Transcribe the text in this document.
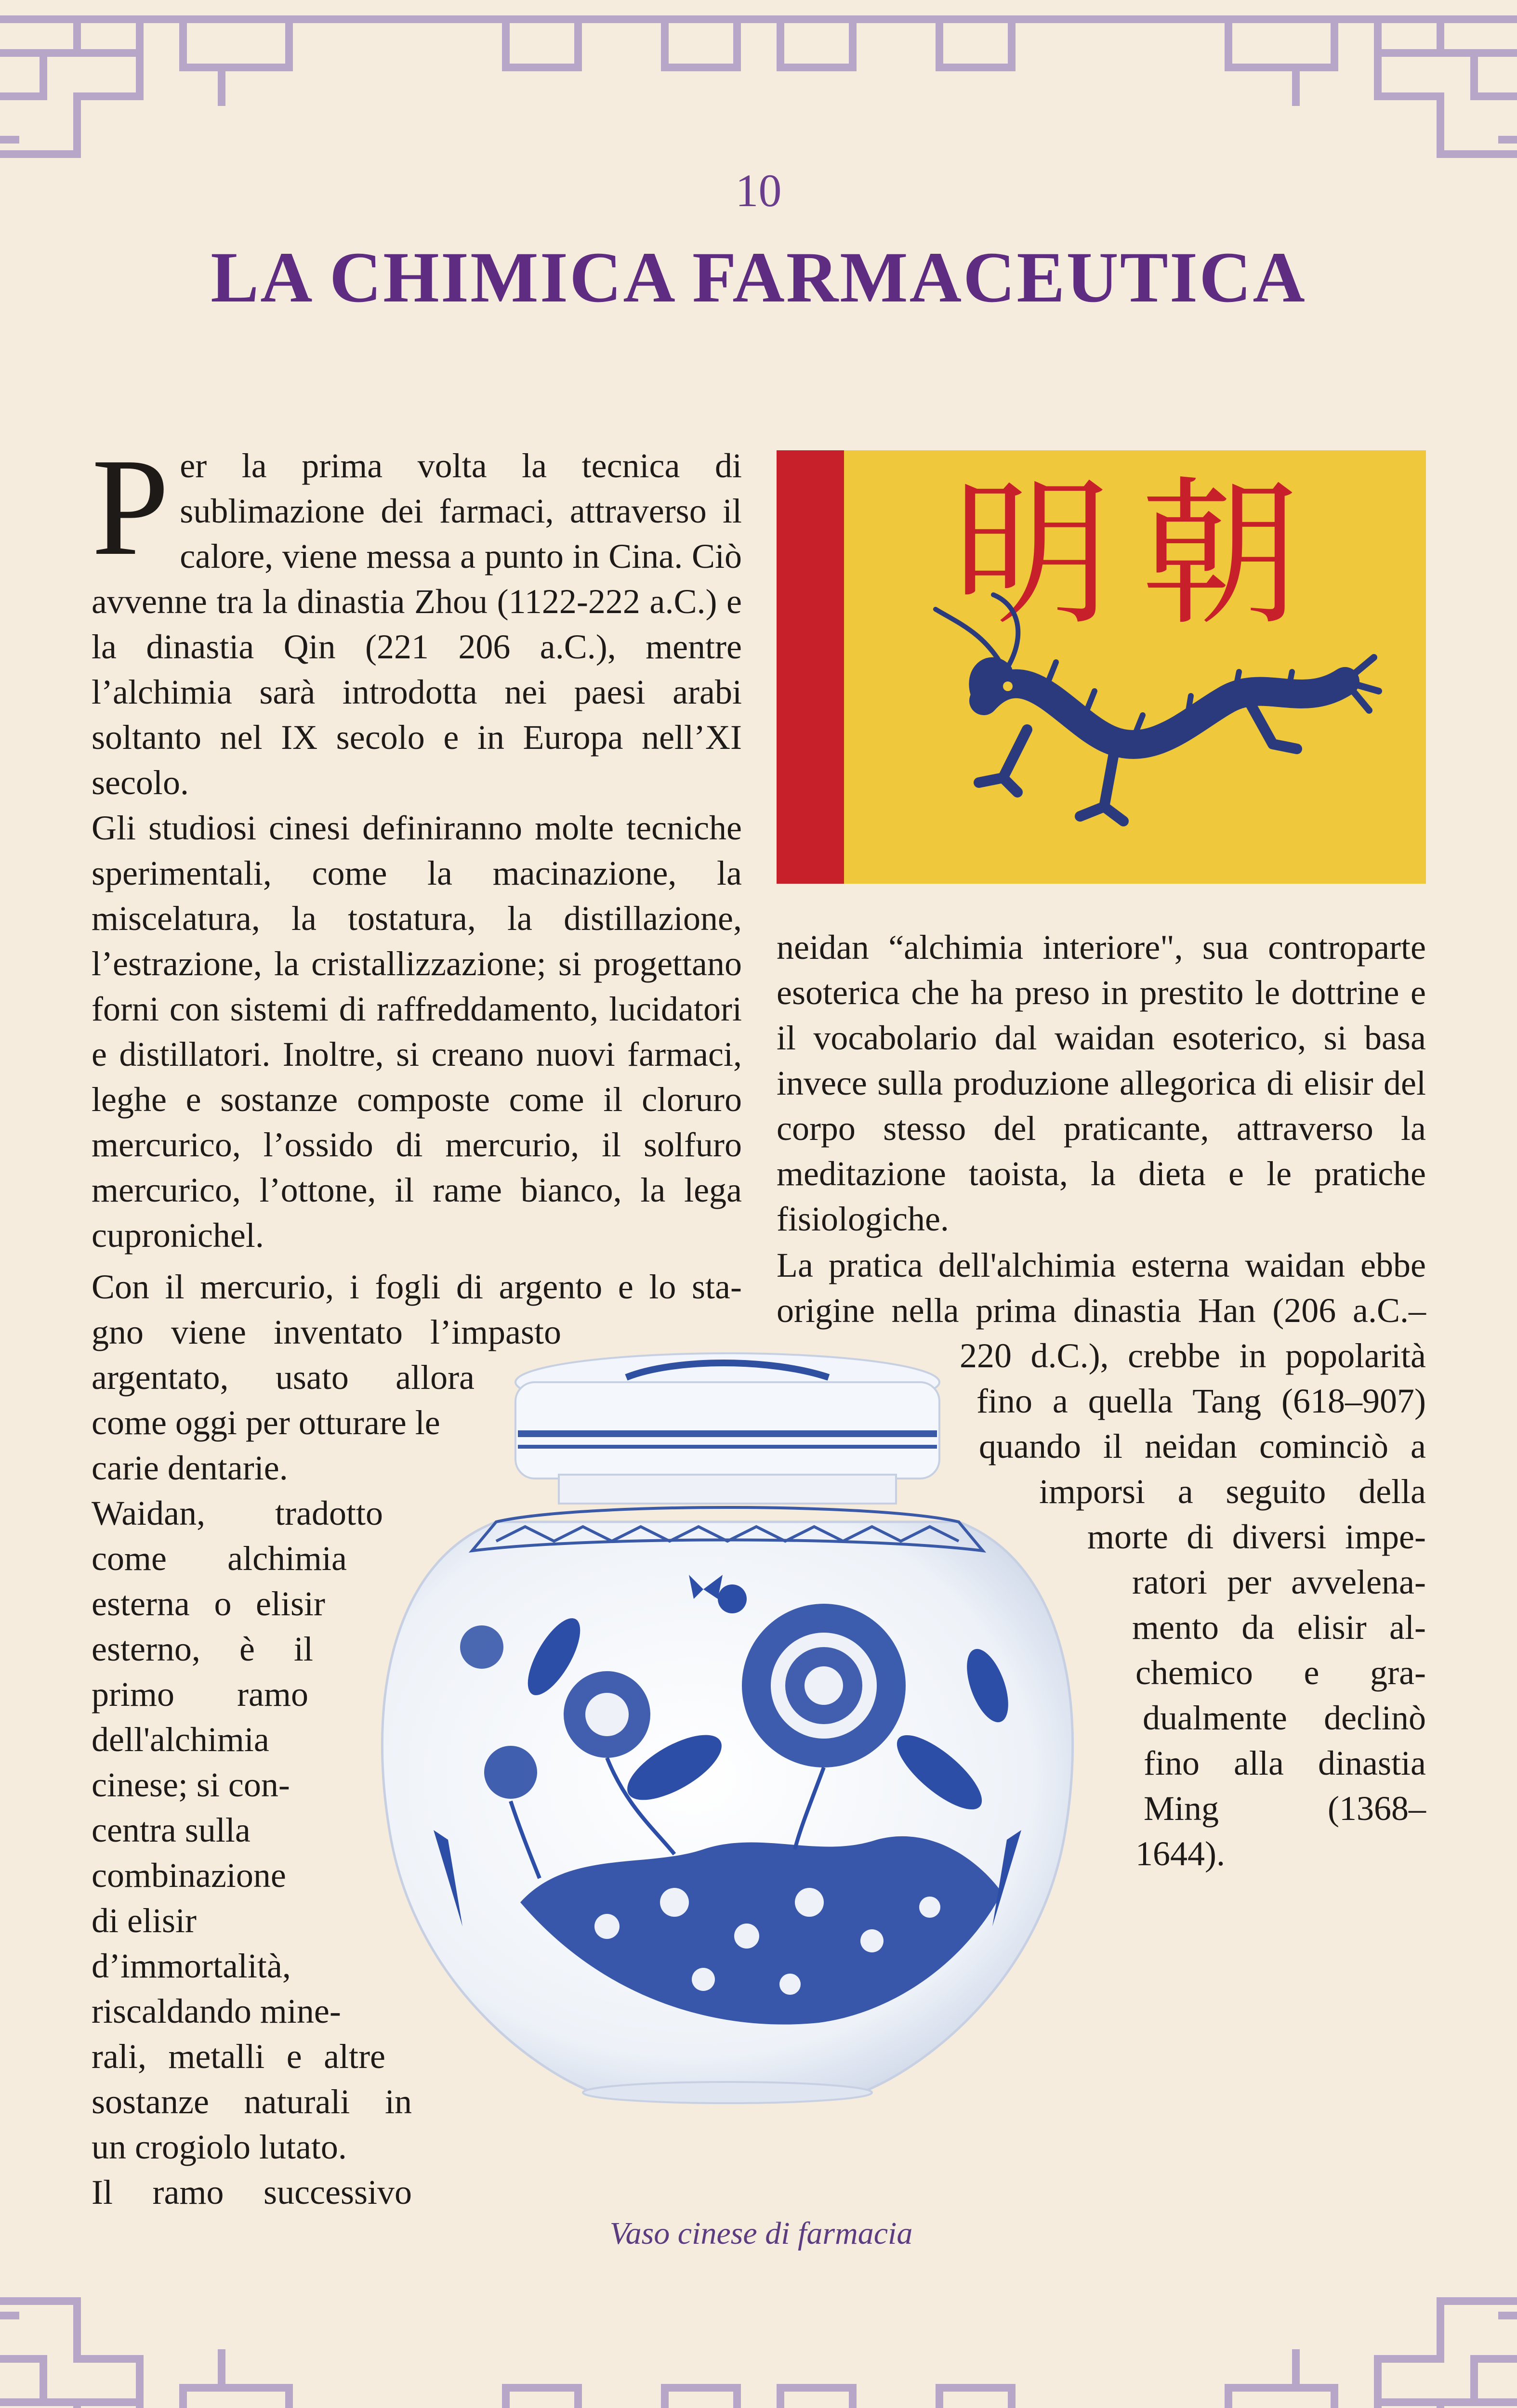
10
LA CHIMICA FARMACEUTICA

Per la prima volta la tecnica di sublimazione dei farmaci, attraverso il calore, viene messa a punto in Cina. Ciò avvenne tra la dinastia Zhou (1122-222 a.C.) e la dinastia Qin (221 206 a.C.), mentre l’alchimia sarà introdotta nei paesi arabi soltanto nel IX secolo e in Europa nell’XI secolo.

Gli studiosi cinesi definiranno molte tecniche sperimentali, come la macinazione, la miscelatura, la tostatura, la distillazione, l’estrazione, la cristallizzazione; si progettano forni con sistemi di raffreddamento, lucidatori e distillatori. Inoltre, si creano nuovi farmaci, leghe e sostanze composte come il cloruro mercurico, l’ossido di mercurio, il solfuro mercurico, l’ottone, il rame bianco, la lega cupronichel.

Con il mercurio, i fogli di argento e lo sta-
gno viene inventato l’impasto
argentato, usato allora
come oggi per otturare le
carie dentarie.
Waidan, tradotto
come alchimia
esterna o elisir
esterno, è il
primo ramo
dell'alchimia
cinese; si con-
centra sulla
combinazione
di elisir
d’immortalità,
riscaldando mine-
rali, metalli e altre
sostanze naturali in
un crogiolo lutato.
Il ramo successivo
明 朝

neidan “alchimia interiore", sua controparte esoterica che ha preso in prestito le dottrine e il vocabolario dal waidan esoterico, si basa invece sulla produzione allegorica di elisir del corpo stesso del praticante, attraverso la meditazione taoista, la dieta e le pratiche fisiologiche.

La pratica dell'alchimia esterna waidan ebbe
origine nella prima dinastia Han (206 a.C.–
220 d.C.), crebbe in popolarità
fino a quella Tang (618–907)
quando il neidan cominciò a
imporsi a seguito della
morte di diversi impe-
ratori per avvelena-
mento da elisir al-
chemico e gra-
dualmente declinò
fino alla dinastia
Ming (1368–
1644).
Vaso cinese di farmacia
